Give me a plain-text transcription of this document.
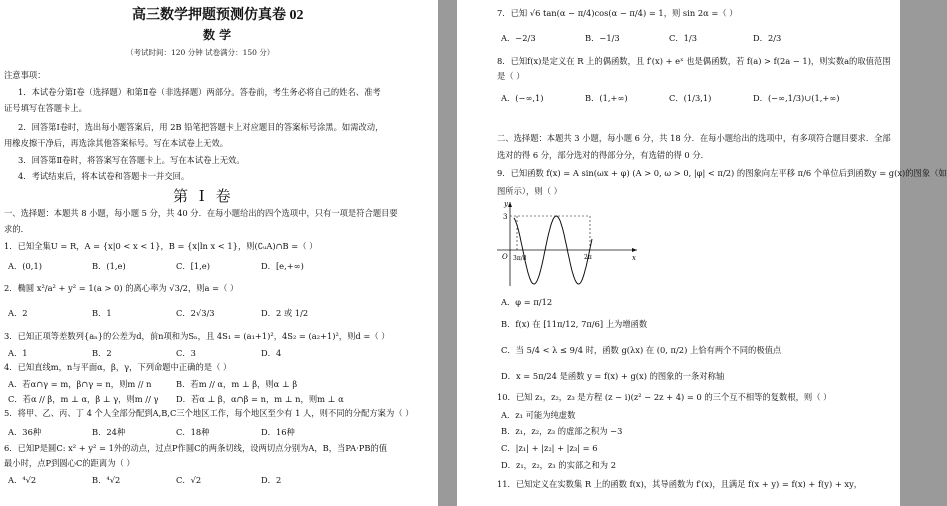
高三数学押题预测仿真卷 02
数 学
（考试时间：120 分钟 试卷满分：150 分）
注意事项：
1．本试卷分第Ⅰ卷（选择题）和第Ⅱ卷（非选择题）两部分。答卷前，考生务必将自己的姓名、准考
证号填写在答题卡上。
2．回答第Ⅰ卷时，选出每小题答案后，用 2B 铅笔把答题卡上对应题目的答案标号涂黑。如需改动，
用橡皮擦干净后，再选涂其他答案标号。写在本试卷上无效。
3．回答第Ⅱ卷时，将答案写在答题卡上。写在本试卷上无效。
4．考试结束后，将本试卷和答题卡一并交回。
第 Ⅰ 卷
一、选择题：本题共 8 小题，每小题 5 分，共 40 分．在每小题给出的四个选项中，只有一项是符合题目要
求的．
1．已知全集U = R，A = {x|0 < x < 1}，B = {x|ln x < 1}，则(∁ᵤA)∩B =（ ）
A．(0,1)	B．(1,e)	C．[1,e)	D．[e,+∞)
2．椭圆 x²/a² + y² = 1(a > 0) 的离心率为 √3/2，则a =（ ）
A．2	B．1	C．2√3/3	D．2 或 1/2
3．已知正项等差数列{aₙ}的公差为d，前n项和为Sₙ，且 4S₁ = (a₁+1)²，4S₂ = (a₂+1)²，则d =（ ）
A．1	B．2	C．3	D．4
4．已知直线m，n与平面α，β，γ，下列命题中正确的是（ ）
A．若α∩γ = m，β∩γ = n，则m // n	B．若m // α，m ⊥ β，则α ⊥ β
C．若α // β，m ⊥ α，β ⊥ γ，则m // γ D．若α ⊥ β，α∩β = n，m ⊥ n，则m ⊥ α
5．将甲、乙、丙、丁 4 个人全部分配到A,B,C三个地区工作，每个地区至少有 1 人，则不同的分配方案为（ ）
A．36种	B．24种	C．18种	D．16种
6．已知P是圆C: x² + y² = 1外的动点，过点P作圆C的两条切线，设两切点分别为A，B，当PA·PB的值
最小时，点P到圆心C的距离为（ ）
A．⁴√2	B．⁴√2	C．√2	D．2
7．已知 √6 tan(α − π/4)cos(α − π/4) = 1，则 sin 2α =（ ）
A．−2/3	B．−1/3	C．1/3	D．2/3
8．已知f(x)是定义在 R 上的偶函数，且 f′(x) + eˣ 也是偶函数，若 f(a) > f(2a − 1)，则实数a的取值范围
是（ ）
A．(−∞,1)	B．(1,+∞)	C．(1/3,1)	D．(−∞,1/3)∪(1,+∞)
二、选择题：本题共 3 小题，每小题 6 分，共 18 分．在每小题给出的选项中，有多项符合题目要求．全部
选对的得 6 分，部分选对的得部分分，有选错的得 0 分．
9．已知函数 f(x) = A sin(ωx + φ) (A > 0, ω > 0, |φ| < π/2) 的图象向左平移 π/6 个单位后到函数y = g(x)的图象（如
图所示），则（ ）
y
x
O
3
3π/8	2π
A．φ = π/12
B．f(x) 在 [11π/12, 7π/6] 上为增函数
C．当 5/4 < λ ≤ 9/4 时，函数 g(λx) 在 (0, π/2) 上恰有两个不同的极值点
D．x = 5π/24 是函数 y = f(x) + g(x) 的图象的一条对称轴
10．已知 z₁，z₂，z₃ 是方程 (z − i)(z² − 2z + 4) = 0 的三个互不相等的复数根，则（ ）
A．z₁ 可能为纯虚数
B．z₁，z₂，z₃ 的虚部之积为 −3
C．|z₁| + |z₂| + |z₃| = 6
D．z₁，z₂，z₃ 的实部之和为 2
11．已知定义在实数集 R 上的函数 f(x)，其导函数为 f′(x)，且满足 f(x + y) = f(x) + f(y) + xy，
